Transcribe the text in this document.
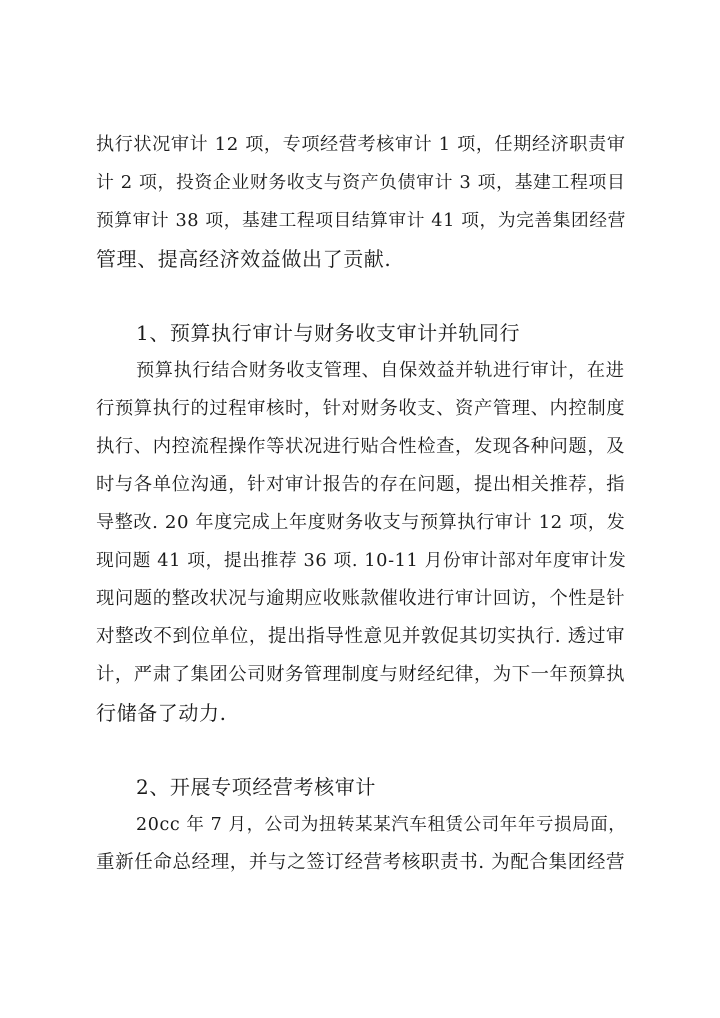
执行状况审计 12 项，专项经营考核审计 1 项，任期经济职责审
计 2 项，投资企业财务收支与资产负债审计 3 项，基建工程项目
预算审计 38 项，基建工程项目结算审计 41 项，为完善集团经营
管理、提高经济效益做出了贡献.
1、预算执行审计与财务收支审计并轨同行
预算执行结合财务收支管理、自保效益并轨进行审计，在进
行预算执行的过程审核时，针对财务收支、资产管理、内控制度
执行、内控流程操作等状况进行贴合性检查，发现各种问题，及
时与各单位沟通，针对审计报告的存在问题，提出相关推荐，指
导整改. 20 年度完成上年度财务收支与预算执行审计 12 项，发
现问题 41 项，提出推荐 36 项. 10-11 月份审计部对年度审计发
现问题的整改状况与逾期应收账款催收进行审计回访，个性是针
对整改不到位单位，提出指导性意见并敦促其切实执行. 透过审
计，严肃了集团公司财务管理制度与财经纪律，为下一年预算执
行储备了动力.
2、开展专项经营考核审计
20cc 年 7 月，公司为扭转某某汽车租赁公司年年亏损局面，
重新任命总经理，并与之签订经营考核职责书. 为配合集团经营
